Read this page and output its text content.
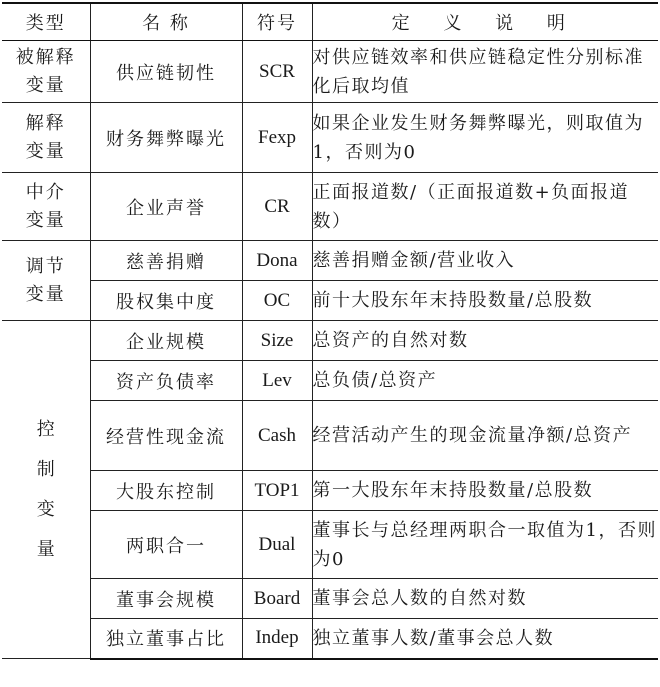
类型	名 称	符号	定 义 说 明
被解释变量	供应链韧性	SCR	对供应链效率和供应链稳定性分别标准化后取均值
解释变量	财务舞弊曝光	Fexp	如果企业发生财务舞弊曝光，则取值为1，否则为0
中介变量	企业声誉	CR	正面报道数/（正面报道数+负面报道数）
调节变量	慈善捐赠	Dona	慈善捐赠金额/营业收入
	股权集中度	OC	前十大股东年末持股数量/总股数
控制变量	企业规模	Size	总资产的自然对数
	资产负债率	Lev	总负债/总资产
	经营性现金流	Cash	经营活动产生的现金流量净额/总资产
	大股东控制	TOP1	第一大股东年末持股数量/总股数
	两职合一	Dual	董事长与总经理两职合一取值为1，否则为0
	董事会规模	Board	董事会总人数的自然对数
	独立董事占比	Indep	独立董事人数/董事会总人数
